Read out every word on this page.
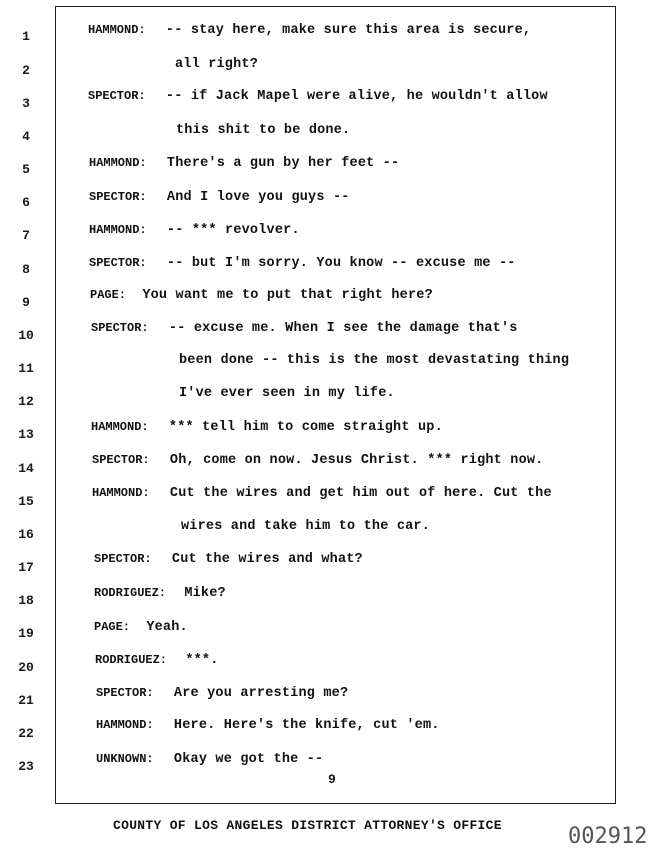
1
2
3
4
5
6
7
8
9
10
11
12
13
14
15
16
17
18
19
20
21
22
23
HAMMOND: -- stay here, make sure this area is secure,
all right?
SPECTOR: -- if Jack Mapel were alive, he wouldn't allow
this shit to be done.
HAMMOND: There's a gun by her feet --
SPECTOR: And I love you guys --
HAMMOND: -- *** revolver.
SPECTOR: -- but I'm sorry. You know -- excuse me --
PAGE: You want me to put that right here?
SPECTOR: -- excuse me. When I see the damage that's
been done -- this is the most devastating thing
I've ever seen in my life.
HAMMOND: *** tell him to come straight up.
SPECTOR: Oh, come on now. Jesus Christ. *** right now.
HAMMOND: Cut the wires and get him out of here. Cut the
wires and take him to the car.
SPECTOR: Cut the wires and what?
RODRIGUEZ: Mike?
PAGE: Yeah.
RODRIGUEZ: ***.
SPECTOR: Are you arresting me?
HAMMOND: Here. Here's the knife, cut 'em.
UNKNOWN: Okay we got the --
9
COUNTY OF LOS ANGELES DISTRICT ATTORNEY'S OFFICE	002912
